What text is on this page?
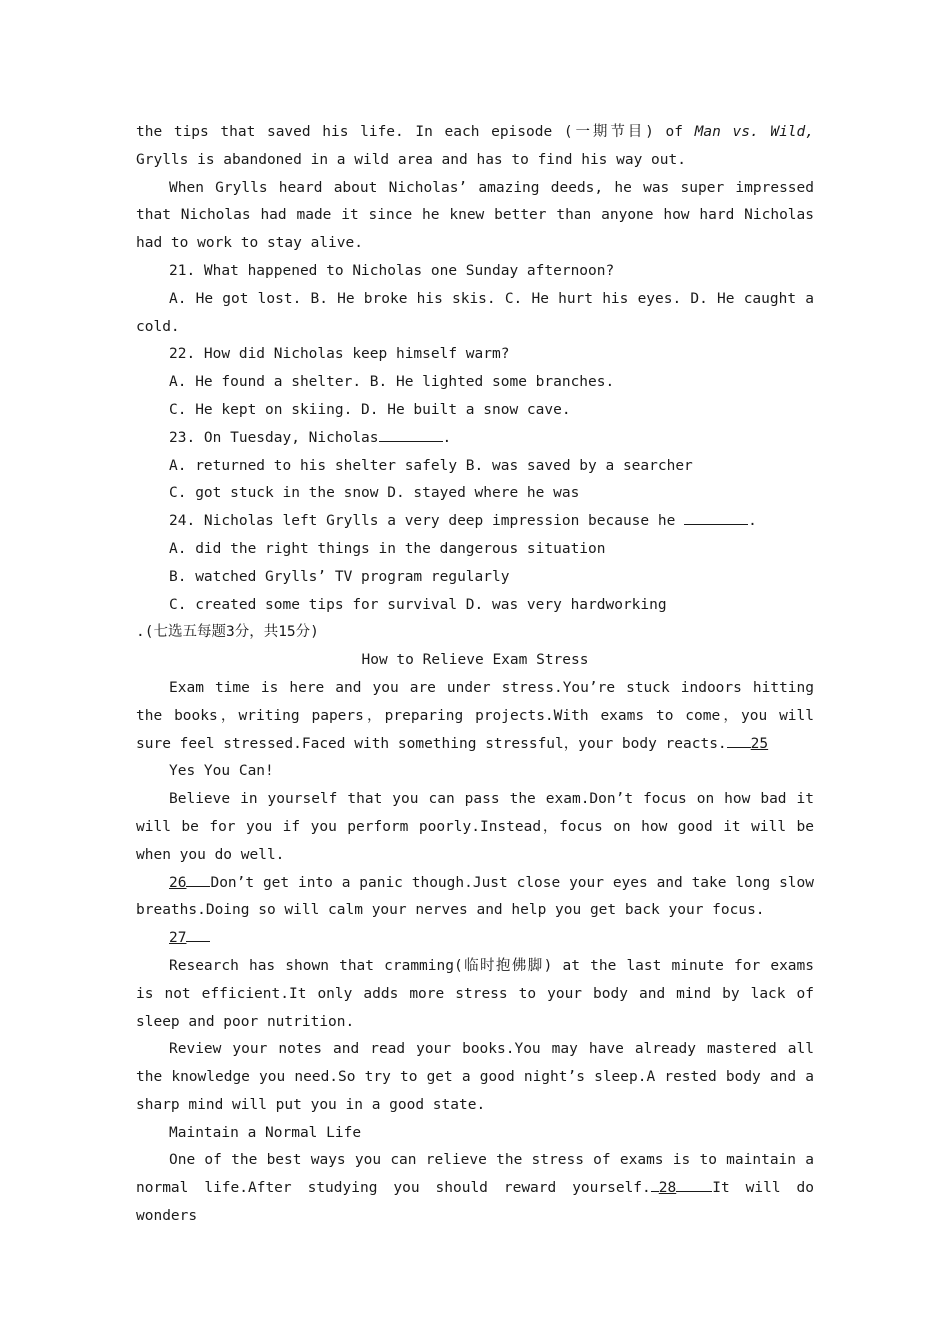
the tips that saved his life. In each episode (一期节目) of Man vs. Wild, Grylls is abandoned in a wild area and has to find his way out.

When Grylls heard about Nicholas’ amazing deeds, he was super impressed that Nicholas had made it since he knew better than anyone how hard Nicholas had to work to stay alive.

21. What happened to Nicholas one Sunday afternoon?

A. He got lost. B. He broke his skis. C. He hurt his eyes. D. He caught a cold.

22. How did Nicholas keep himself warm?

A. He found a shelter. B. He lighted some branches.

C. He kept on skiing. D. He built a snow cave.

23. On Tuesday, Nicholas	.

A. returned to his shelter safely B. was saved by a searcher

C. got stuck in the snow D. stayed where he was

24. Nicholas left Grylls a very deep impression because he	.

A. did the right things in the dangerous situation

B. watched Grylls’ TV program regularly

C. created some tips for survival D. was very hardworking

.(七选五每题3分，共15分)

How to Relieve Exam Stress

Exam time is here and you are under stress.You’re stuck indoors hitting the books，writing papers，preparing projects.With exams to come，you will sure feel stressed.Faced with something stressful，your body reacts. 25

Yes You Can!

Believe in yourself that you can pass the exam.Don’t focus on how bad it will be for you if you perform poorly.Instead，focus on how good it will be when you do well.

26 Don’t get into a panic though.Just close your eyes and take long slow breaths.Doing so will calm your nerves and help you get back your focus.

27

Research has shown that cramming(临时抱佛脚) at the last minute for exams is not efficient.It only adds more stress to your body and mind by lack of sleep and poor nutrition.

Review your notes and read your books.You may have already mastered all the knowledge you need.So try to get a good night’s sleep.A rested body and a sharp mind will put you in a good state.

Maintain a Normal Life

One of the best ways you can relieve the stress of exams is to maintain a normal life.After studying you should reward yourself. 28 It will do wonders
